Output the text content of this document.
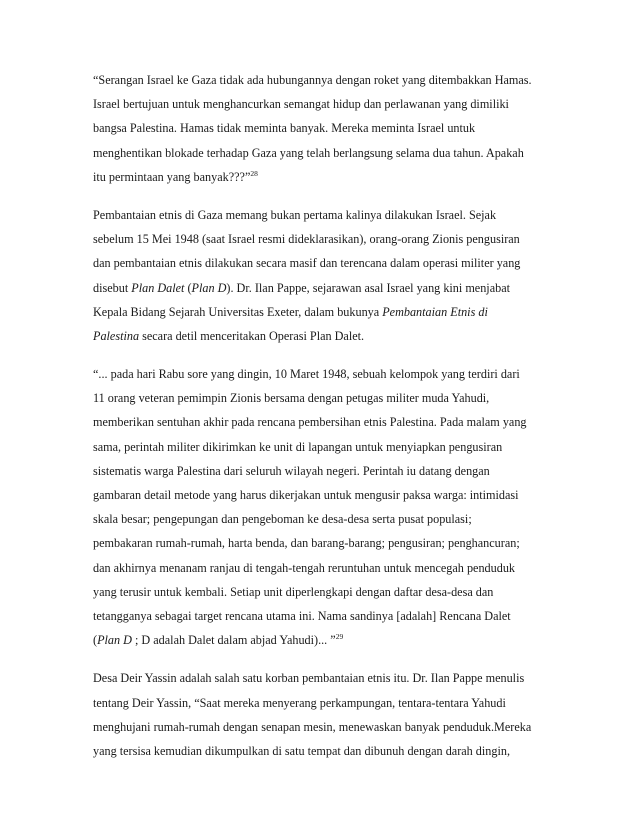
“Serangan Israel ke Gaza tidak ada hubungannya dengan roket yang ditembakkan Hamas.
Israel bertujuan untuk menghancurkan semangat hidup dan perlawanan yang dimiliki
bangsa Palestina. Hamas tidak meminta banyak. Mereka meminta Israel untuk
menghentikan blokade terhadap Gaza yang telah berlangsung selama dua tahun. Apakah
itu permintaan yang banyak???”$^{28}$
Pembantaian etnis di Gaza memang bukan pertama kalinya dilakukan Israel. Sejak
sebelum 15 Mei 1948 (saat Israel resmi dideklarasikan), orang-orang Zionis pengusiran
dan pembantaian etnis dilakukan secara masif dan terencana dalam operasi militer yang
disebut Plan Dalet (Plan D). Dr. Ilan Pappe, sejarawan asal Israel yang kini menjabat
Kepala Bidang Sejarah Universitas Exeter, dalam bukunya Pembantaian Etnis di
Palestina secara detil menceritakan Operasi Plan Dalet.
“... pada hari Rabu sore yang dingin, 10 Maret 1948, sebuah kelompok yang terdiri dari
11 orang veteran pemimpin Zionis bersama dengan petugas militer muda Yahudi,
memberikan sentuhan akhir pada rencana pembersihan etnis Palestina. Pada malam yang
sama, perintah militer dikirimkan ke unit di lapangan untuk menyiapkan pengusiran
sistematis warga Palestina dari seluruh wilayah negeri. Perintah iu datang dengan
gambaran detail metode yang harus dikerjakan untuk mengusir paksa warga: intimidasi
skala besar; pengepungan dan pengeboman ke desa-desa serta pusat populasi;
pembakaran rumah-rumah, harta benda, dan barang-barang; pengusiran; penghancuran;
dan akhirnya menanam ranjau di tengah-tengah reruntuhan untuk mencegah penduduk
yang terusir untuk kembali. Setiap unit diperlengkapi dengan daftar desa-desa dan
tetangganya sebagai target rencana utama ini. Nama sandinya [adalah] Rencana Dalet
(Plan D ; D adalah Dalet dalam abjad Yahudi)... ”$^{29}$
Desa Deir Yassin adalah salah satu korban pembantaian etnis itu. Dr. Ilan Pappe menulis
tentang Deir Yassin, “Saat mereka menyerang perkampungan, tentara-tentara Yahudi
menghujani rumah-rumah dengan senapan mesin, menewaskan banyak penduduk.Mereka
yang tersisa kemudian dikumpulkan di satu tempat dan dibunuh dengan darah dingin,
